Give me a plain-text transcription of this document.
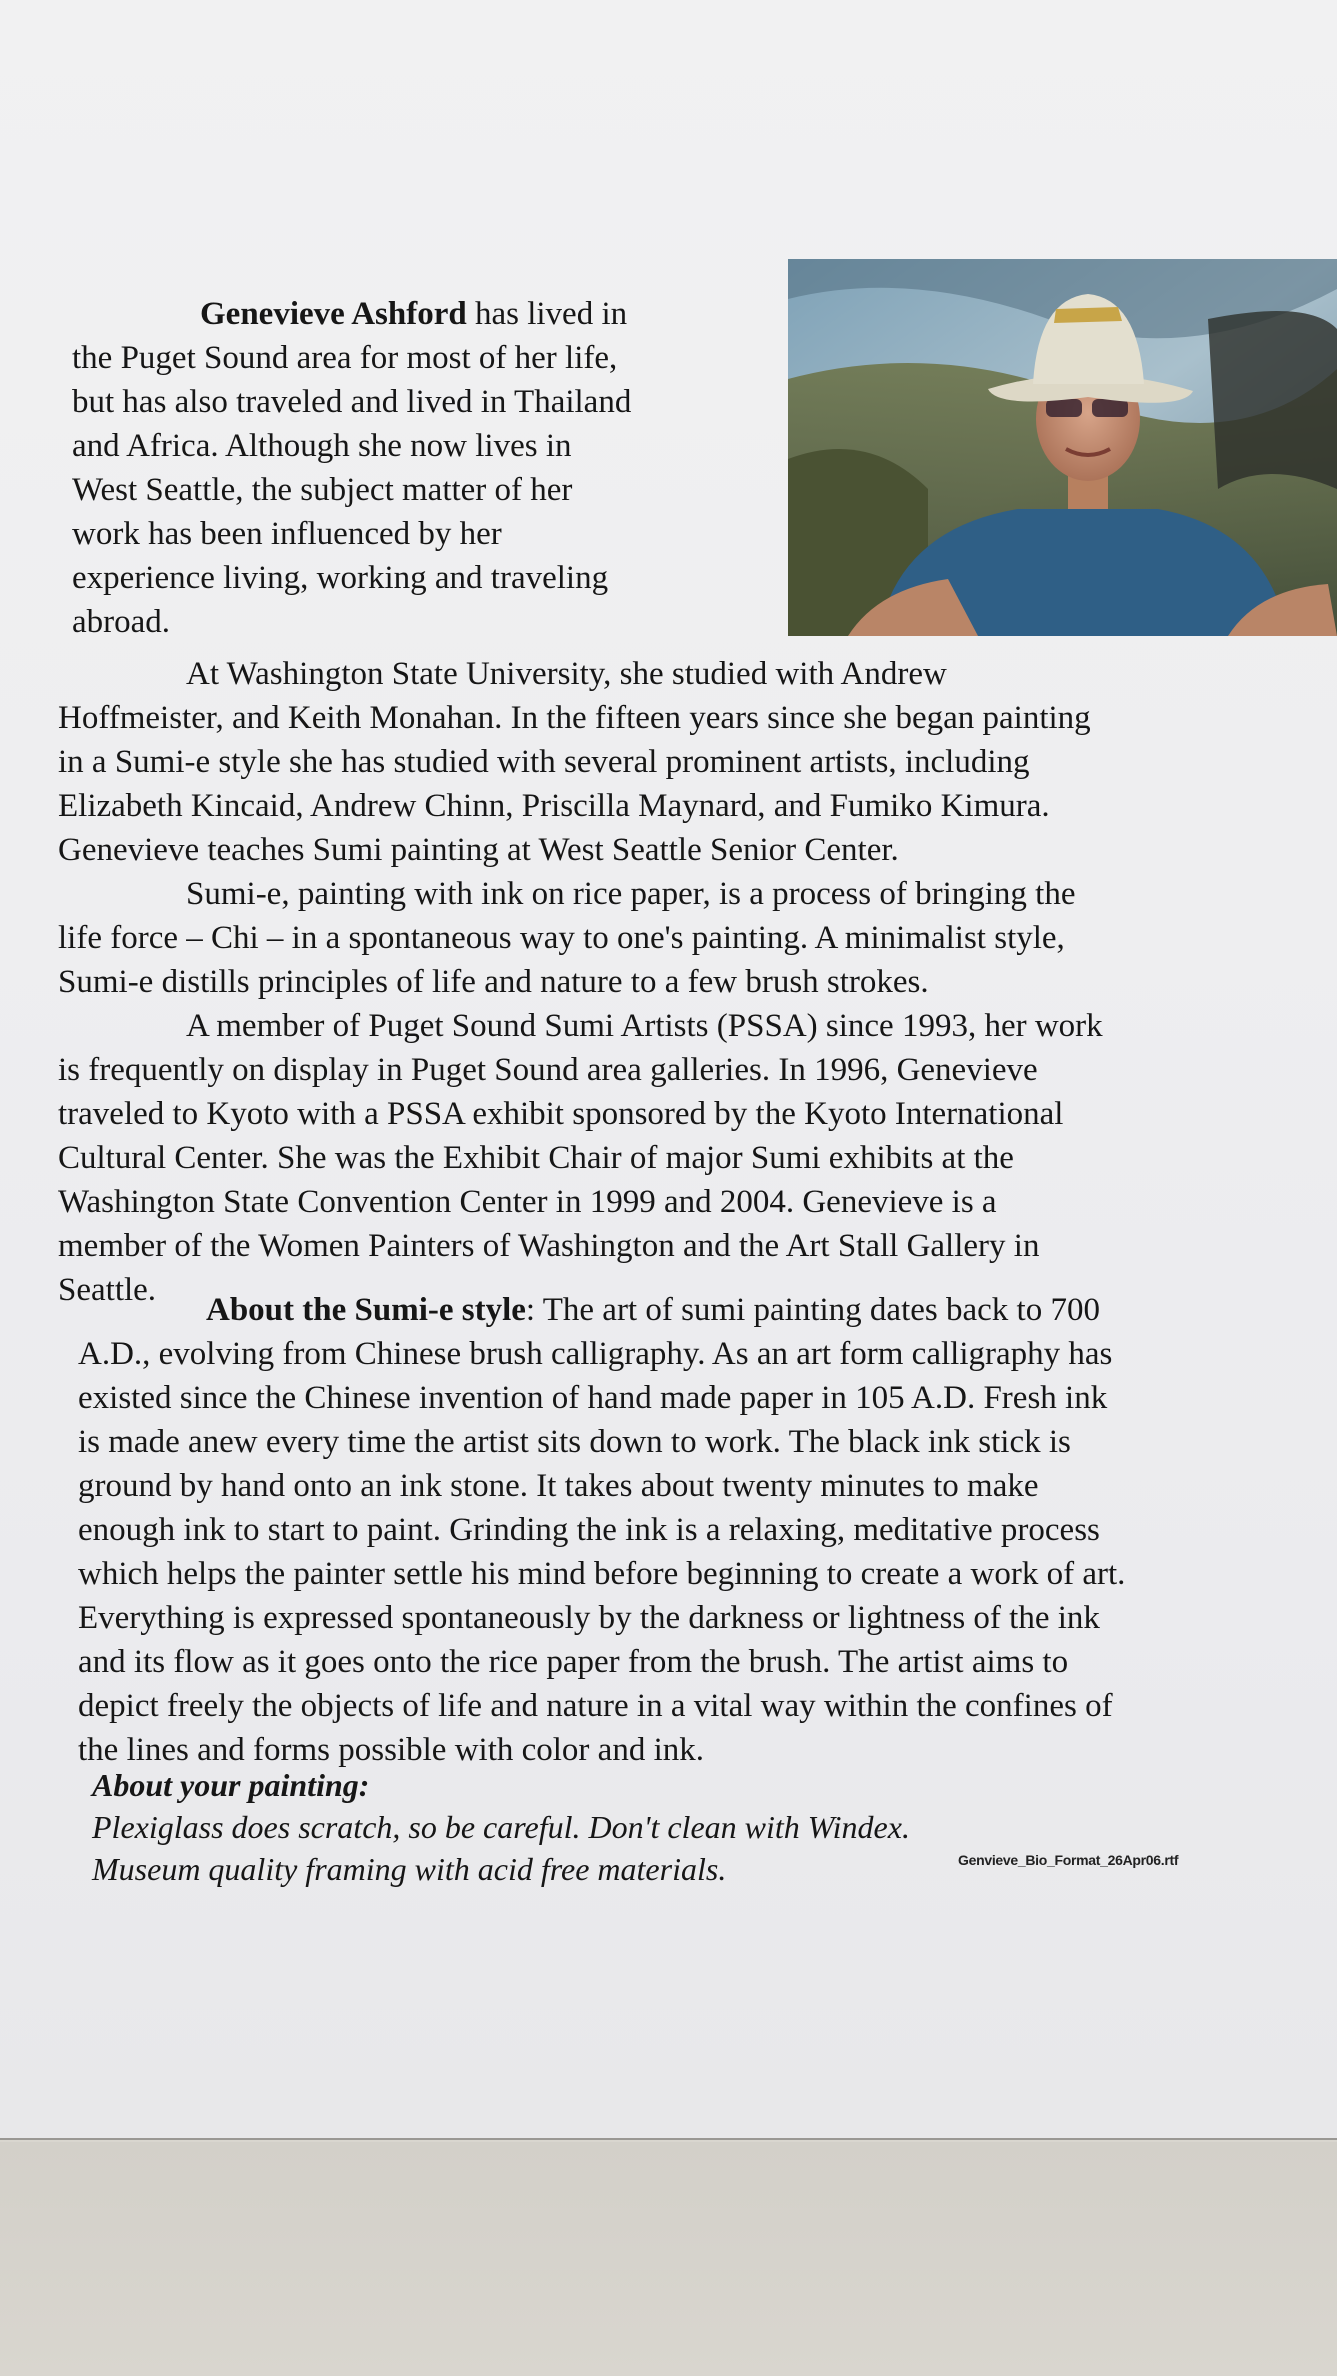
Genevieve Ashford has lived in
the Puget Sound area for most of her life,
but has also traveled and lived in Thailand
and Africa. Although she now lives in
West Seattle, the subject matter of her
work has been influenced by her
experience living, working and traveling
abroad.
At Washington State University, she studied with Andrew
Hoffmeister, and Keith Monahan. In the fifteen years since she began painting
in a Sumi-e style she has studied with several prominent artists, including
Elizabeth Kincaid, Andrew Chinn, Priscilla Maynard, and Fumiko Kimura.
Genevieve teaches Sumi painting at West Seattle Senior Center.
Sumi-e, painting with ink on rice paper, is a process of bringing the
life force – Chi – in a spontaneous way to one's painting. A minimalist style,
Sumi-e distills principles of life and nature to a few brush strokes.
A member of Puget Sound Sumi Artists (PSSA) since 1993, her work
is frequently on display in Puget Sound area galleries. In 1996, Genevieve
traveled to Kyoto with a PSSA exhibit sponsored by the Kyoto International
Cultural Center. She was the Exhibit Chair of major Sumi exhibits at the
Washington State Convention Center in 1999 and 2004. Genevieve is a
member of the Women Painters of Washington and the Art Stall Gallery in
Seattle.
About the Sumi-e style: The art of sumi painting dates back to 700
A.D., evolving from Chinese brush calligraphy. As an art form calligraphy has
existed since the Chinese invention of hand made paper in 105 A.D. Fresh ink
is made anew every time the artist sits down to work. The black ink stick is
ground by hand onto an ink stone. It takes about twenty minutes to make
enough ink to start to paint. Grinding the ink is a relaxing, meditative process
which helps the painter settle his mind before beginning to create a work of art.
Everything is expressed spontaneously by the darkness or lightness of the ink
and its flow as it goes onto the rice paper from the brush. The artist aims to
depict freely the objects of life and nature in a vital way within the confines of
the lines and forms possible with color and ink.
About your painting:
Plexiglass does scratch, so be careful. Don't clean with Windex.
Museum quality framing with acid free materials.	Genvieve_Bio_Format_26Apr06.rtf
